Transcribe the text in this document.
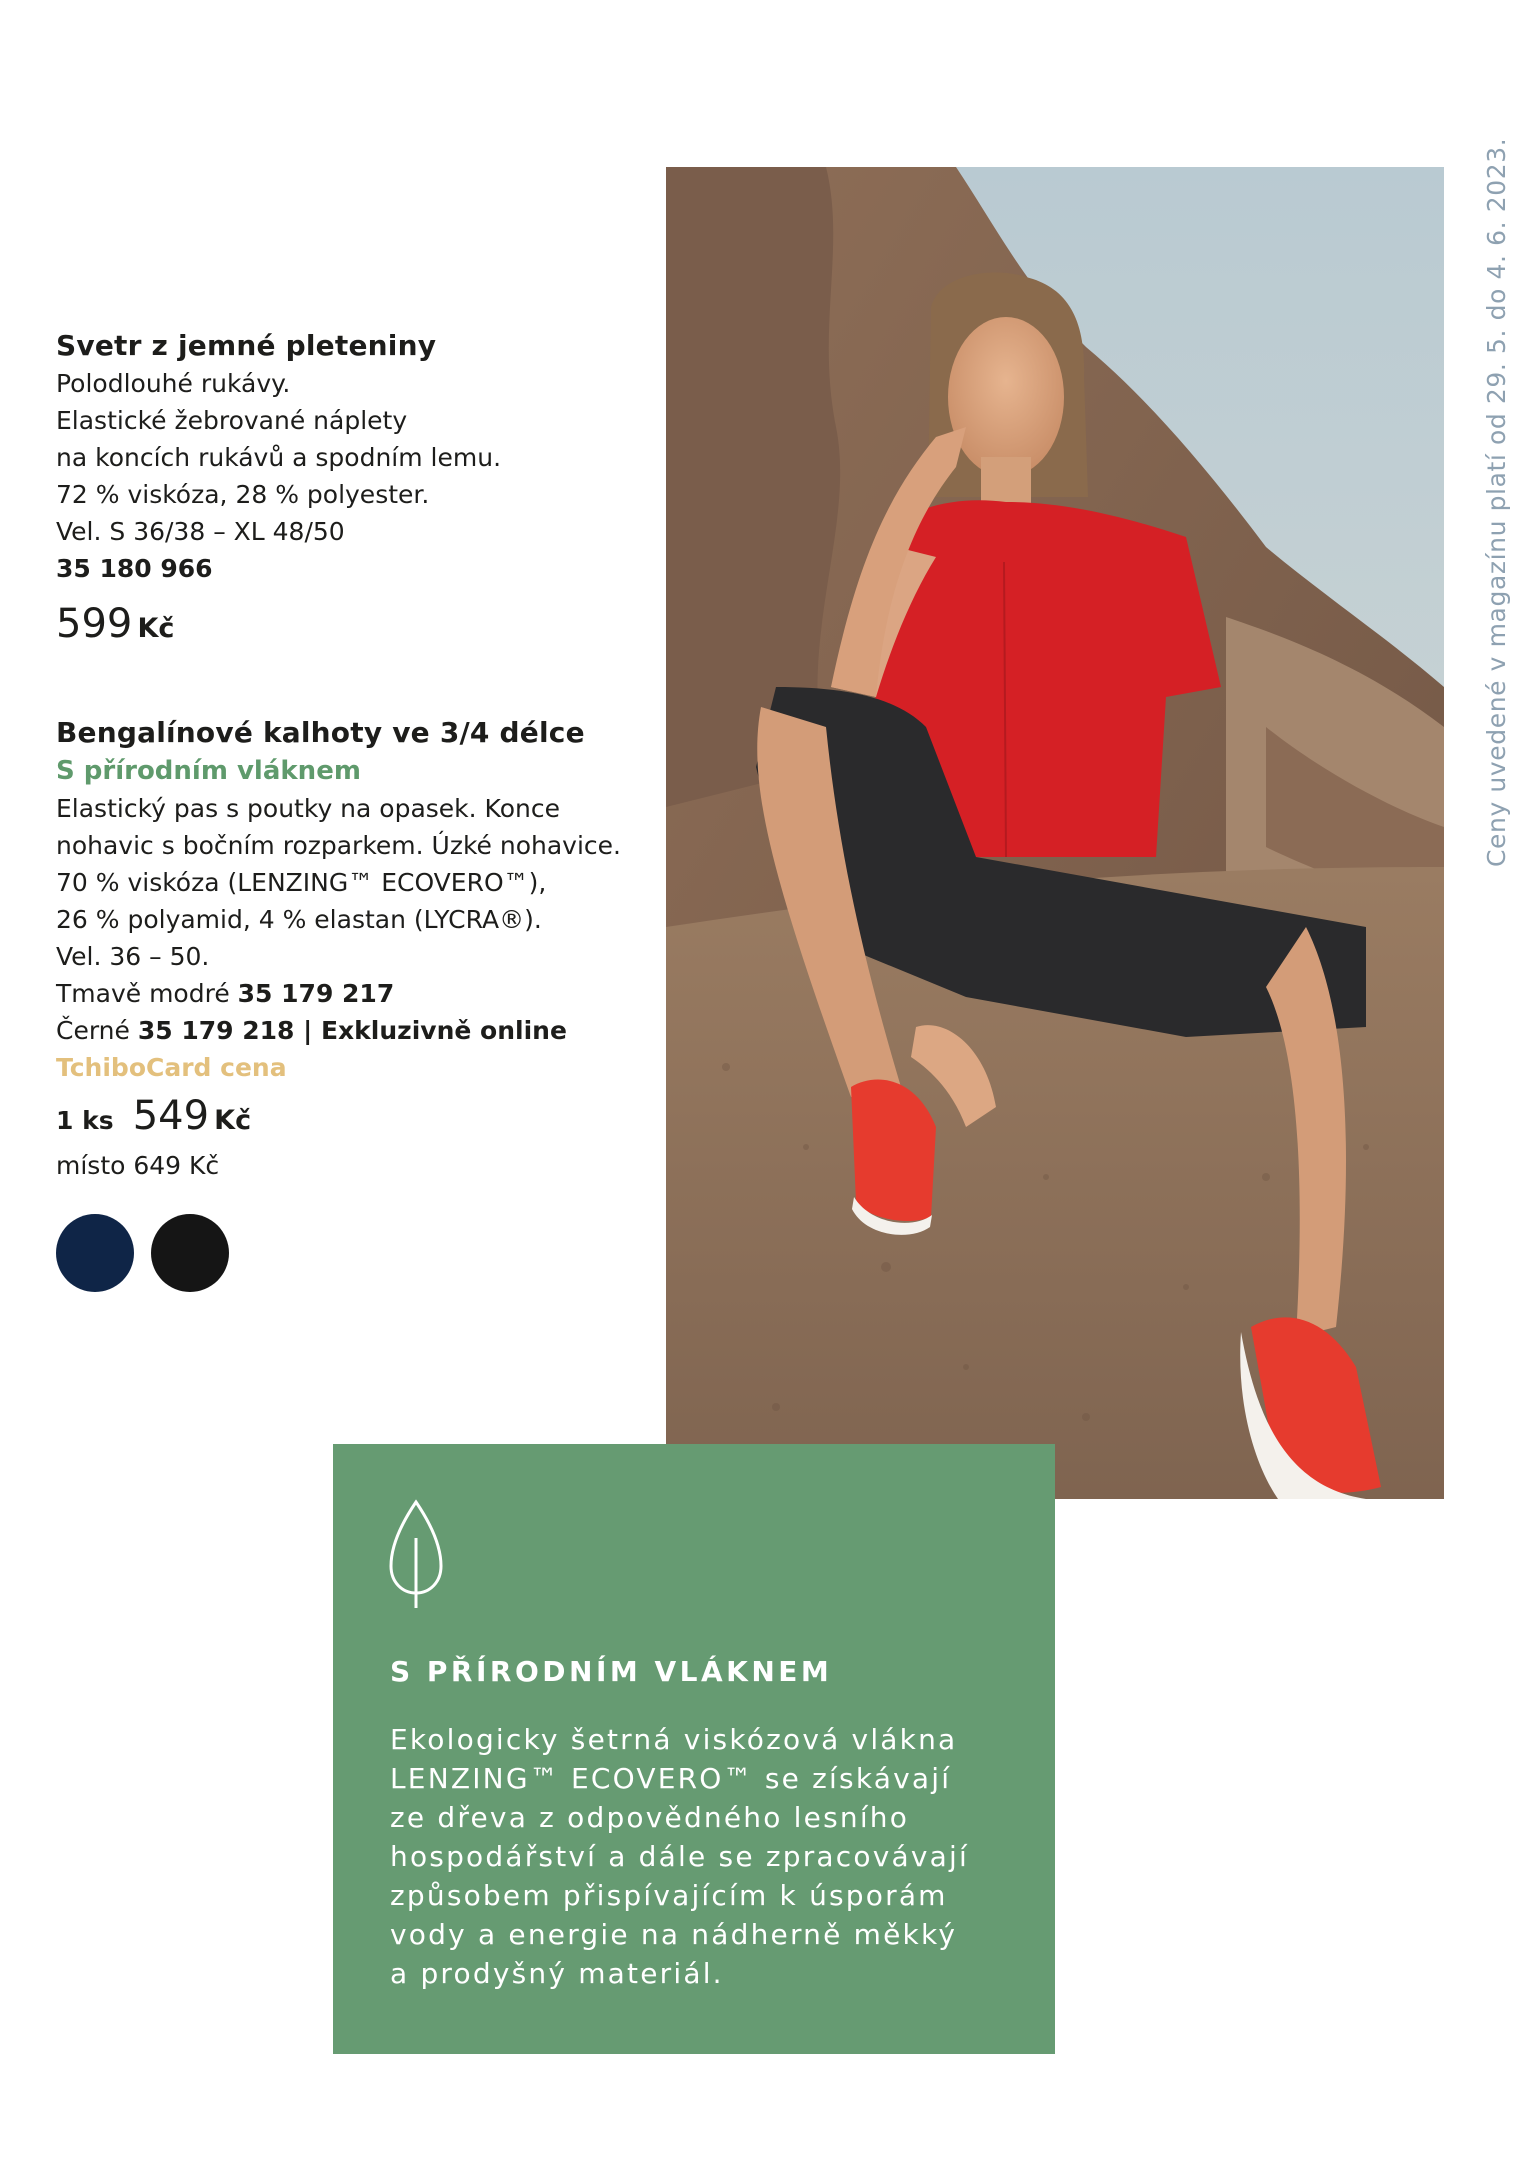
Svetr z jemné pleteniny
Polodlouhé rukávy.
Elastické žebrované náplety
na koncích rukávů a spodním lemu.
72 % viskóza, 28 % polyester.
Vel. S 36/38 – XL 48/50
35 180 966
599 Kč
Bengalínové kalhoty ve 3/4 délce
S přírodním vláknem
Elastický pas s poutky na opasek. Konce
nohavic s bočním rozparkem. Úzké nohavice.
70 % viskóza (LENZING™ ECOVERO™),
26 % polyamid, 4 % elastan (LYCRA®).
Vel. 36 – 50.
Tmavě modré 35 179 217
Černé 35 179 218 | Exkluzivně online
TchiboCard cena
1 ks 549 Kč
místo 649 Kč
Ceny uvedené v magazínu platí od 29. 5. do 4. 6. 2023.
S PŘÍRODNÍM VLÁKNEM
Ekologicky šetrná viskózová vlákna
LENZING™ ECOVERO™ se získávají
ze dřeva z odpovědného lesního
hospodářství a dále se zpracovávají
způsobem přispívajícím k úsporám
vody a energie na nádherně měkký
a prodyšný materiál.
